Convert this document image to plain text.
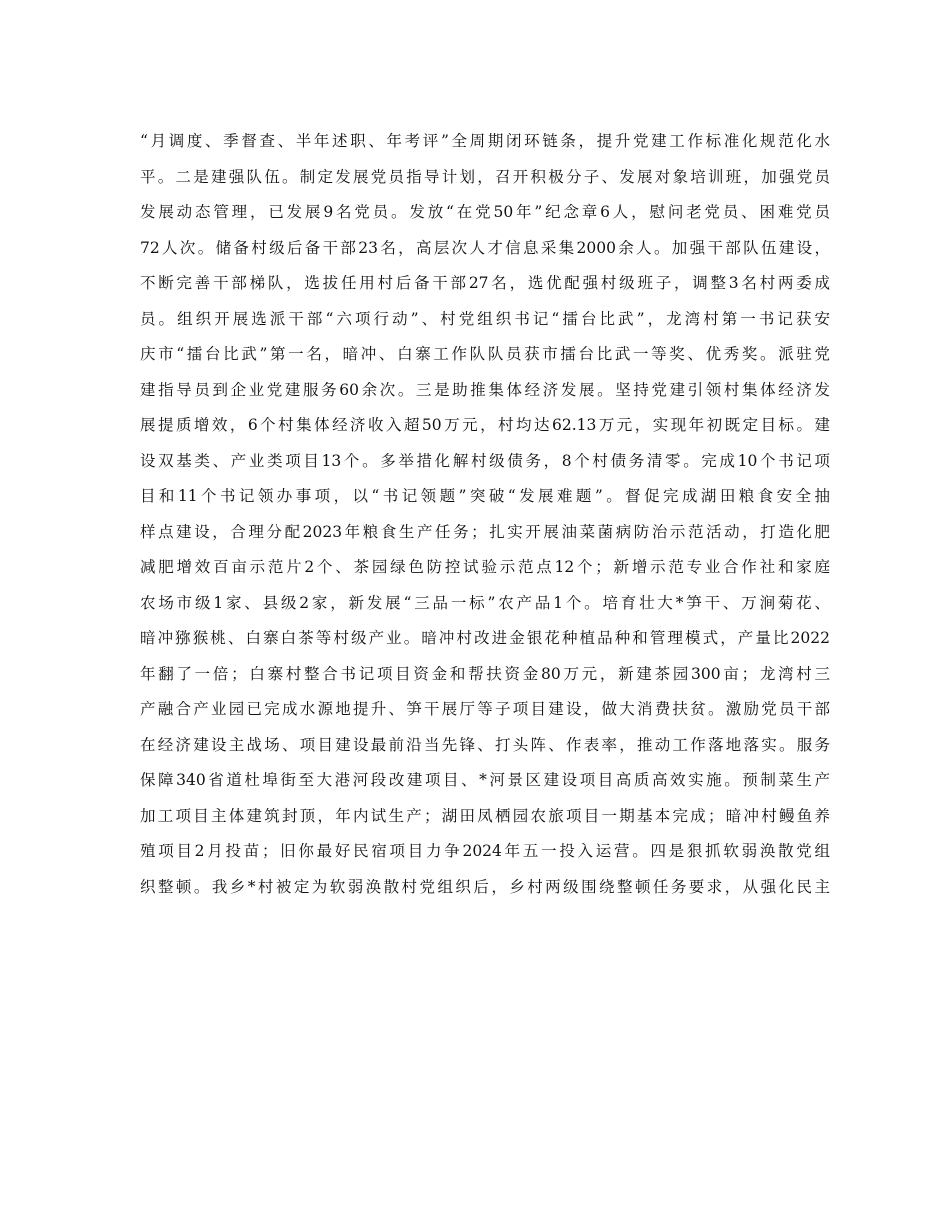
“月调度、季督查、半年述职、年考评”全周期闭环链条，提升党建工作标准化规范化水
平。二是建强队伍。制定发展党员指导计划，召开积极分子、发展对象培训班，加强党员
发展动态管理，已发展9名党员。发放“在党50年”纪念章6人，慰问老党员、困难党员
72人次。储备村级后备干部23名，高层次人才信息采集2000余人。加强干部队伍建设，
不断完善干部梯队，选拔任用村后备干部27名，选优配强村级班子，调整3名村两委成
员。组织开展选派干部“六项行动”、村党组织书记“擂台比武”，龙湾村第一书记获安
庆市“擂台比武”第一名，暗冲、白寨工作队队员获市擂台比武一等奖、优秀奖。派驻党
建指导员到企业党建服务60余次。三是助推集体经济发展。坚持党建引领村集体经济发
展提质增效，6个村集体经济收入超50万元，村均达62.13万元，实现年初既定目标。建
设双基类、产业类项目13个。多举措化解村级债务，8个村债务清零。完成10个书记项
目和11个书记领办事项，以“书记领题”突破“发展难题”。督促完成湖田粮食安全抽
样点建设，合理分配2023年粮食生产任务；扎实开展油菜菌病防治示范活动，打造化肥
减肥增效百亩示范片2个、茶园绿色防控试验示范点12个；新增示范专业合作社和家庭
农场市级1家、县级2家，新发展“三品一标”农产品1个。培育壮大*笋干、万涧菊花、
暗冲猕猴桃、白寨白茶等村级产业。暗冲村改进金银花种植品种和管理模式，产量比2022
年翻了一倍；白寨村整合书记项目资金和帮扶资金80万元，新建茶园300亩；龙湾村三
产融合产业园已完成水源地提升、笋干展厅等子项目建设，做大消费扶贫。激励党员干部
在经济建设主战场、项目建设最前沿当先锋、打头阵、作表率，推动工作落地落实。服务
保障340省道杜埠街至大港河段改建项目、*河景区建设项目高质高效实施。预制菜生产
加工项目主体建筑封顶，年内试生产；湖田凤栖园农旅项目一期基本完成；暗冲村鳗鱼养
殖项目2月投苗；旧你最好民宿项目力争2024年五一投入运营。四是狠抓软弱涣散党组
织整顿。我乡*村被定为软弱涣散村党组织后，乡村两级围绕整顿任务要求，从强化民主
